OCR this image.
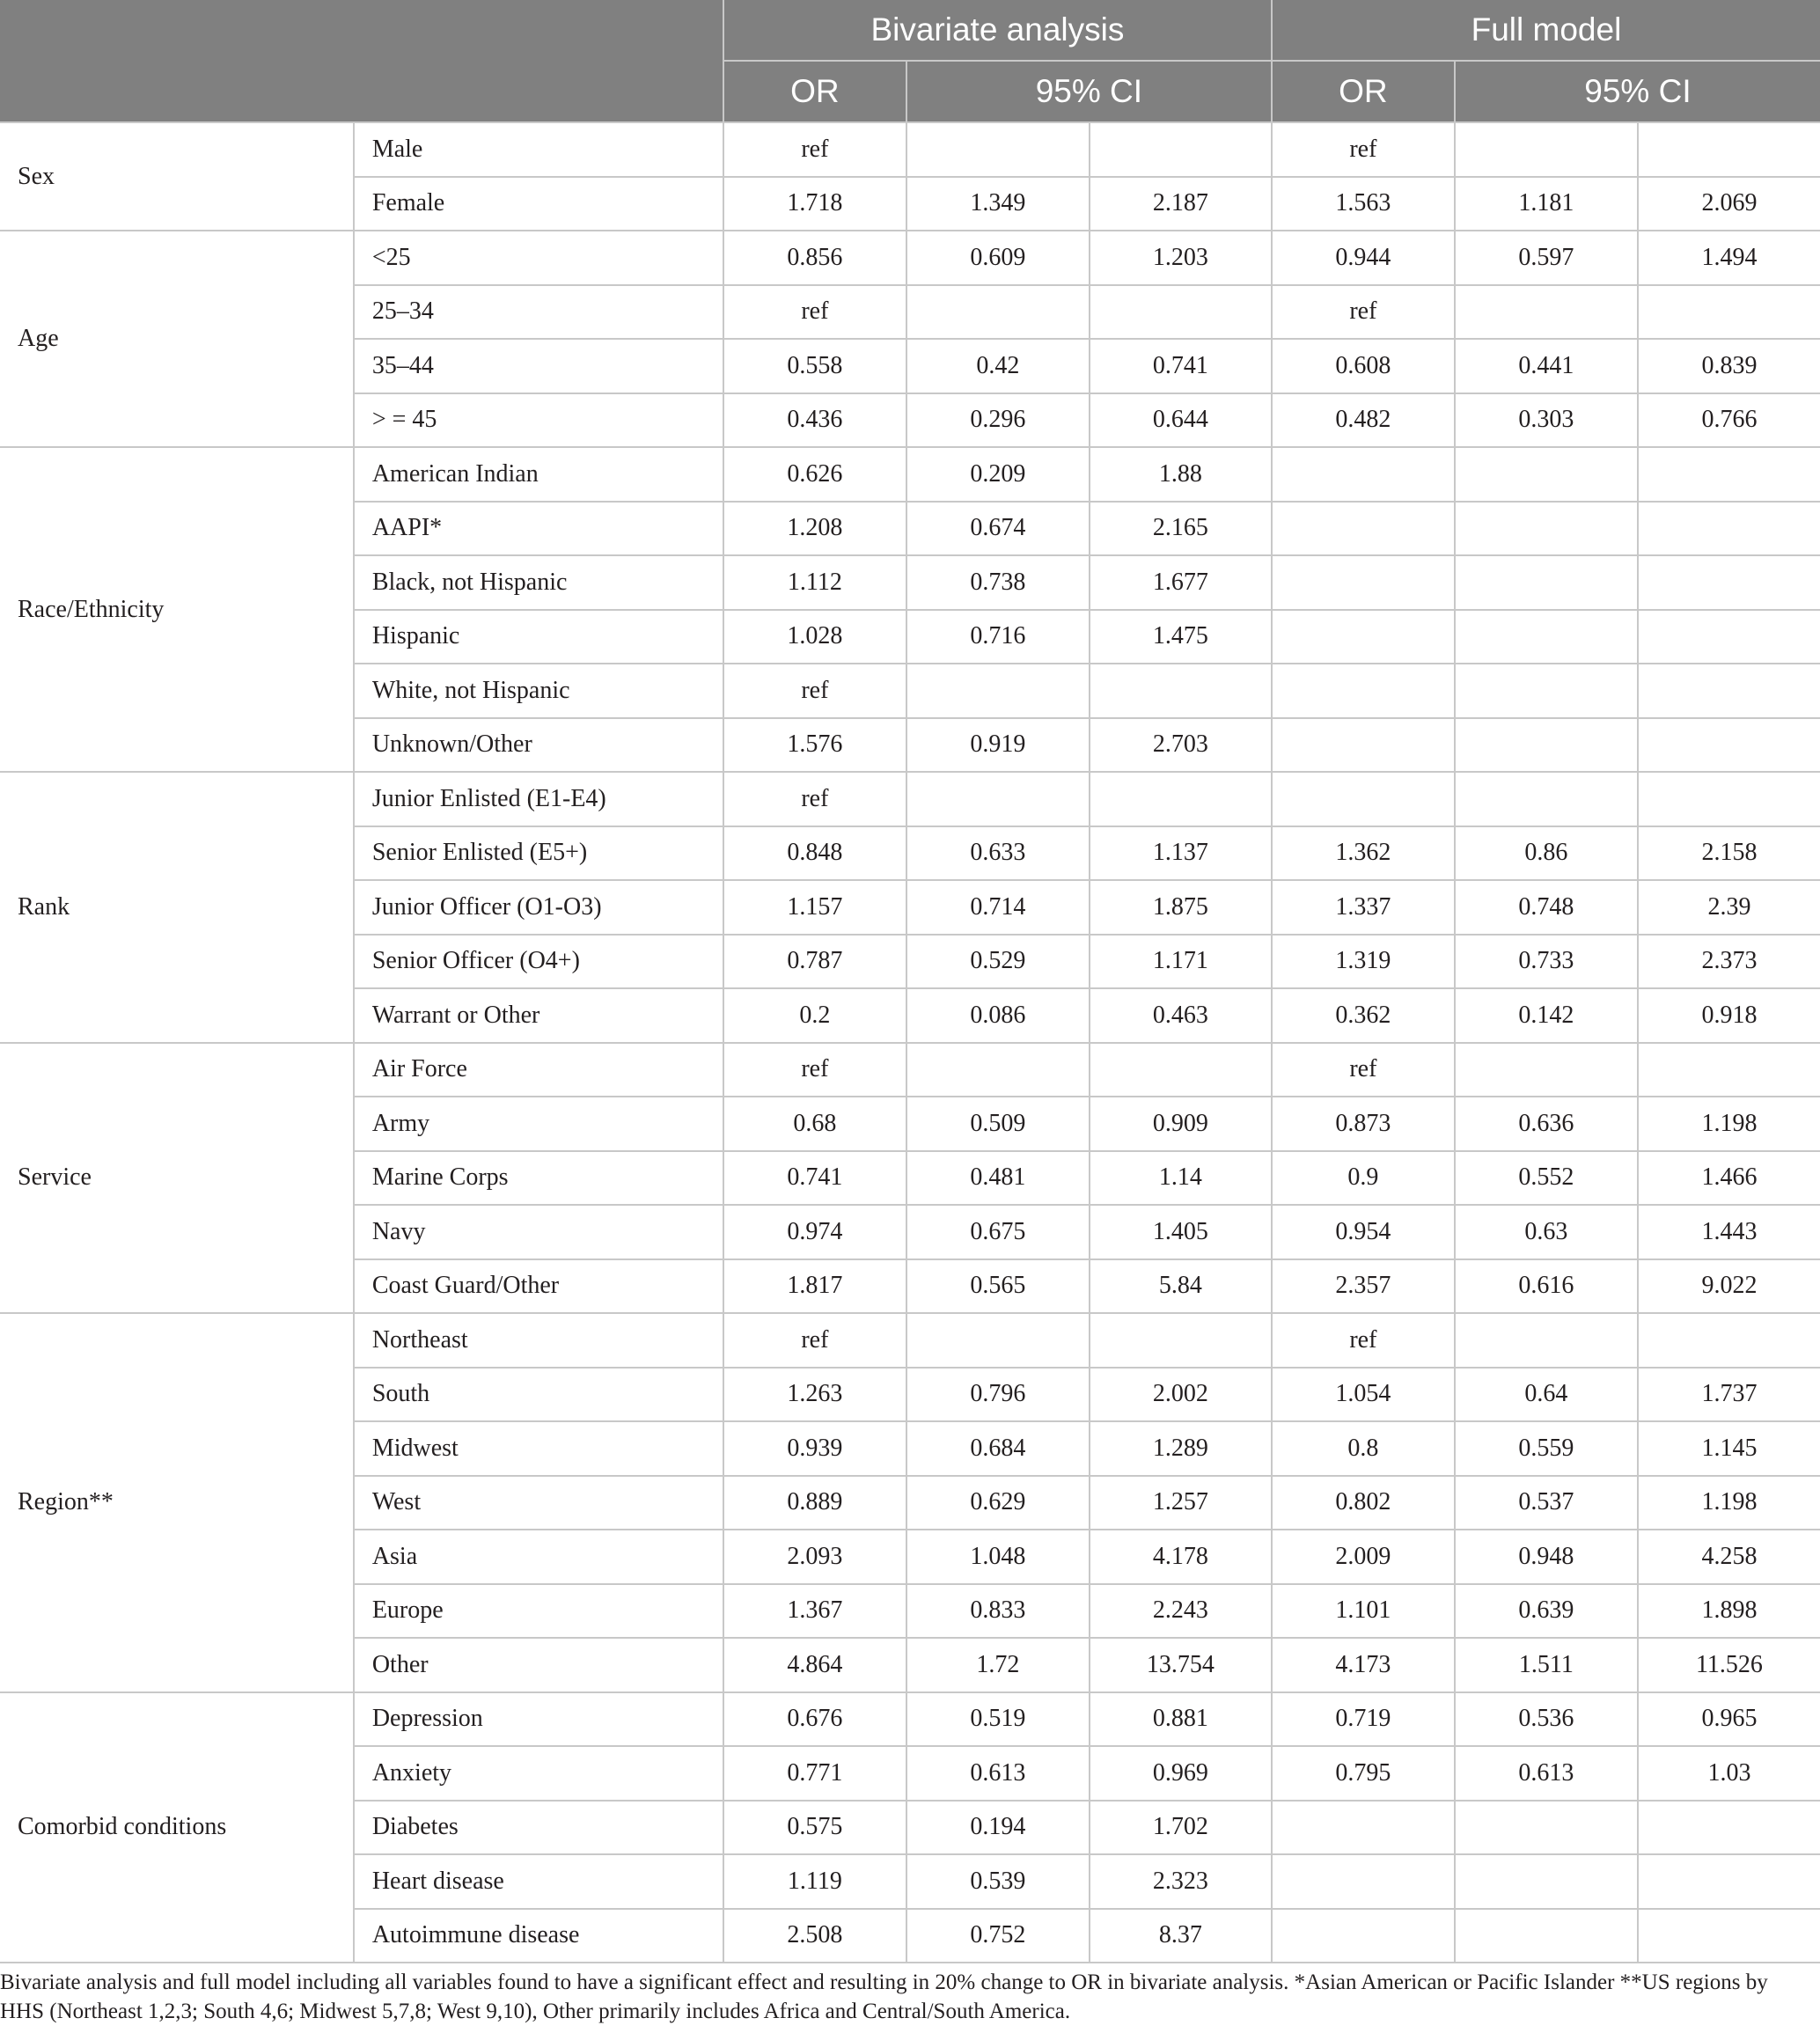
		Bivariate analysis			Full model		
		OR	95% CI		OR	95% CI	
Sex	Male	ref			ref		
	Female	1.718	1.349	2.187	1.563	1.181	2.069
Age	<25	0.856	0.609	1.203	0.944	0.597	1.494
	25–34	ref			ref		
	35–44	0.558	0.42	0.741	0.608	0.441	0.839
	> = 45	0.436	0.296	0.644	0.482	0.303	0.766
Race/Ethnicity	American Indian	0.626	0.209	1.88			
	AAPI*	1.208	0.674	2.165			
	Black, not Hispanic	1.112	0.738	1.677			
	Hispanic	1.028	0.716	1.475			
	White, not Hispanic	ref					
	Unknown/Other	1.576	0.919	2.703			
Rank	Junior Enlisted (E1-E4)	ref					
	Senior Enlisted (E5+)	0.848	0.633	1.137	1.362	0.86	2.158
	Junior Officer (O1-O3)	1.157	0.714	1.875	1.337	0.748	2.39
	Senior Officer (O4+)	0.787	0.529	1.171	1.319	0.733	2.373
	Warrant or Other	0.2	0.086	0.463	0.362	0.142	0.918
Service	Air Force	ref			ref		
	Army	0.68	0.509	0.909	0.873	0.636	1.198
	Marine Corps	0.741	0.481	1.14	0.9	0.552	1.466
	Navy	0.974	0.675	1.405	0.954	0.63	1.443
	Coast Guard/Other	1.817	0.565	5.84	2.357	0.616	9.022
Region**	Northeast	ref			ref		
	South	1.263	0.796	2.002	1.054	0.64	1.737
	Midwest	0.939	0.684	1.289	0.8	0.559	1.145
	West	0.889	0.629	1.257	0.802	0.537	1.198
	Asia	2.093	1.048	4.178	2.009	0.948	4.258
	Europe	1.367	0.833	2.243	1.101	0.639	1.898
	Other	4.864	1.72	13.754	4.173	1.511	11.526
Comorbid conditions	Depression	0.676	0.519	0.881	0.719	0.536	0.965
	Anxiety	0.771	0.613	0.969	0.795	0.613	1.03
	Diabetes	0.575	0.194	1.702			
	Heart disease	1.119	0.539	2.323			
	Autoimmune disease	2.508	0.752	8.37			
Bivariate analysis and full model including all variables found to have a significant effect and resulting in 20% change to OR in bivariate analysis. *Asian American or Pacific Islander **US regions by HHS (Northeast 1,2,3; South 4,6; Midwest 5,7,8; West 9,10), Other primarily includes Africa and Central/South America.
